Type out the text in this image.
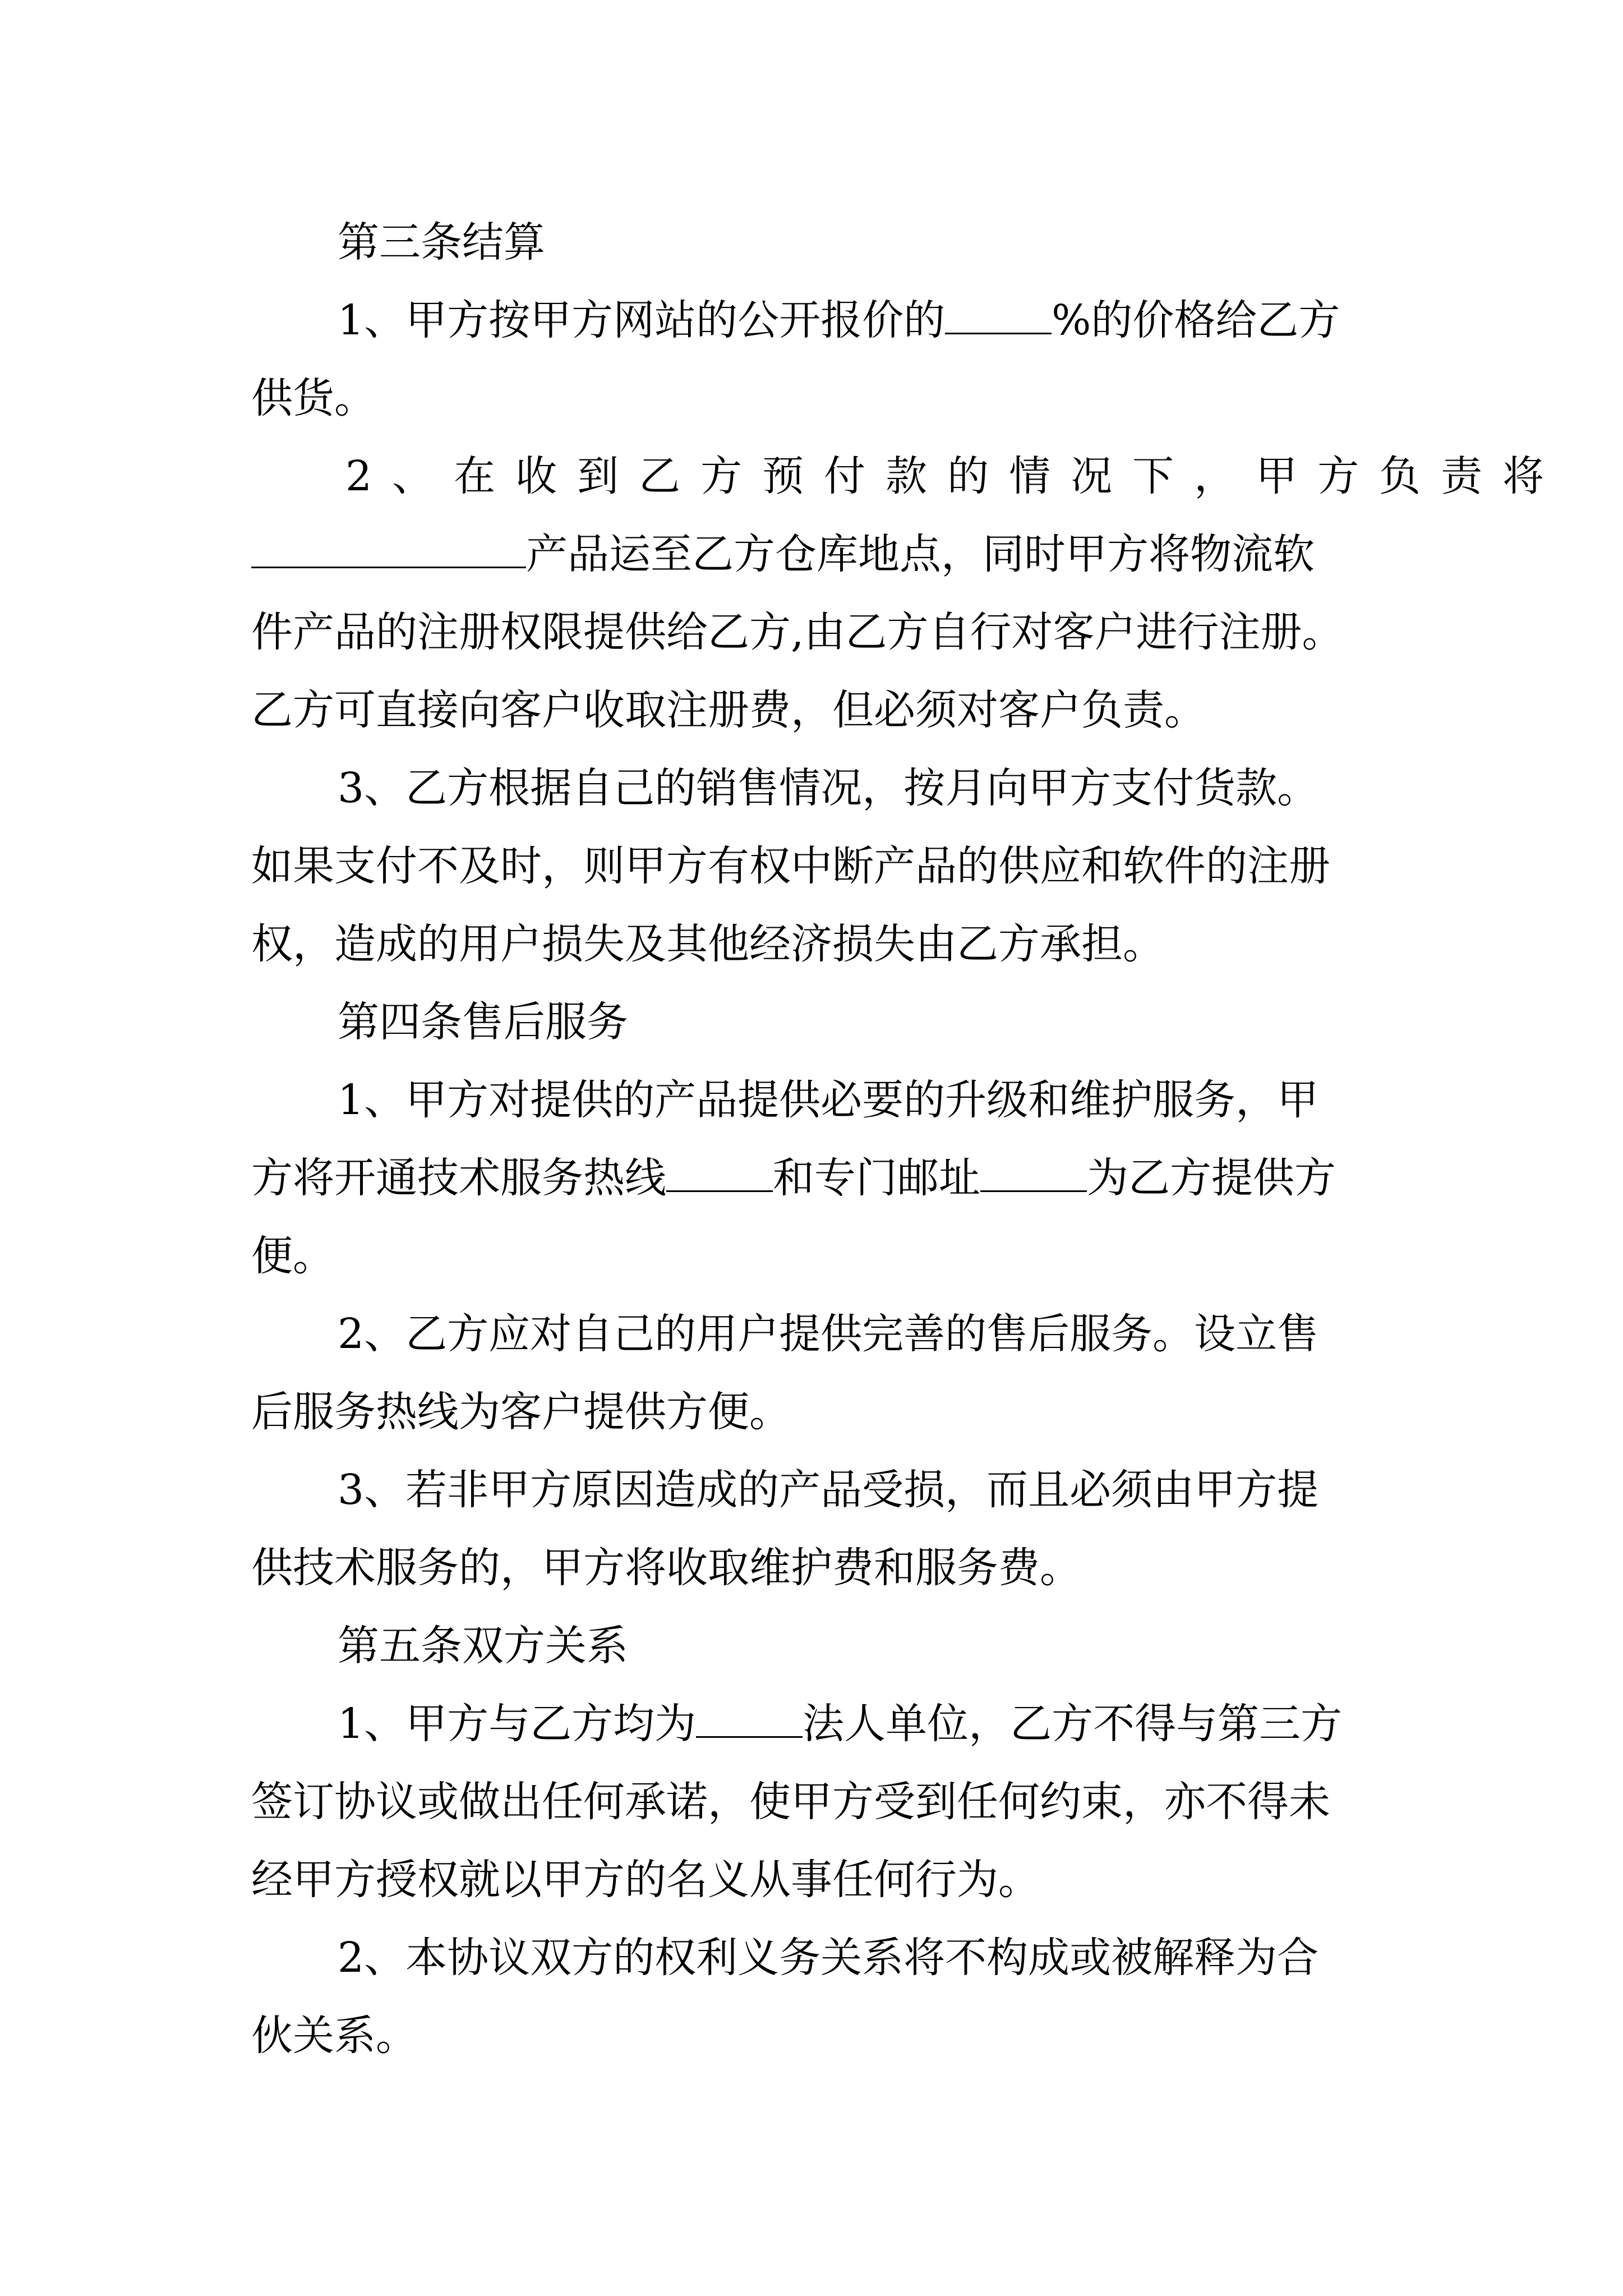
第三条结算
1、甲方按甲方网站的公开报价的	%的价格给乙方
供货。
2、在收到乙方预付款的情况下，甲方负责将
产品运至乙方仓库地点，同时甲方将物流软
件产品的注册权限提供给乙方,由乙方自行对客户进行注册。
乙方可直接向客户收取注册费，但必须对客户负责。
3、乙方根据自己的销售情况，按月向甲方支付货款。
如果支付不及时，则甲方有权中断产品的供应和软件的注册
权，造成的用户损失及其他经济损失由乙方承担。
第四条售后服务
1、甲方对提供的产品提供必要的升级和维护服务，甲
方将开通技术服务热线	和专门邮址	为乙方提供方
便。
2、乙方应对自己的用户提供完善的售后服务。设立售
后服务热线为客户提供方便。
3、若非甲方原因造成的产品受损，而且必须由甲方提
供技术服务的，甲方将收取维护费和服务费。
第五条双方关系
1、甲方与乙方均为	法人单位，乙方不得与第三方
签订协议或做出任何承诺，使甲方受到任何约束，亦不得未
经甲方授权就以甲方的名义从事任何行为。
2、本协议双方的权利义务关系将不构成或被解释为合
伙关系。
